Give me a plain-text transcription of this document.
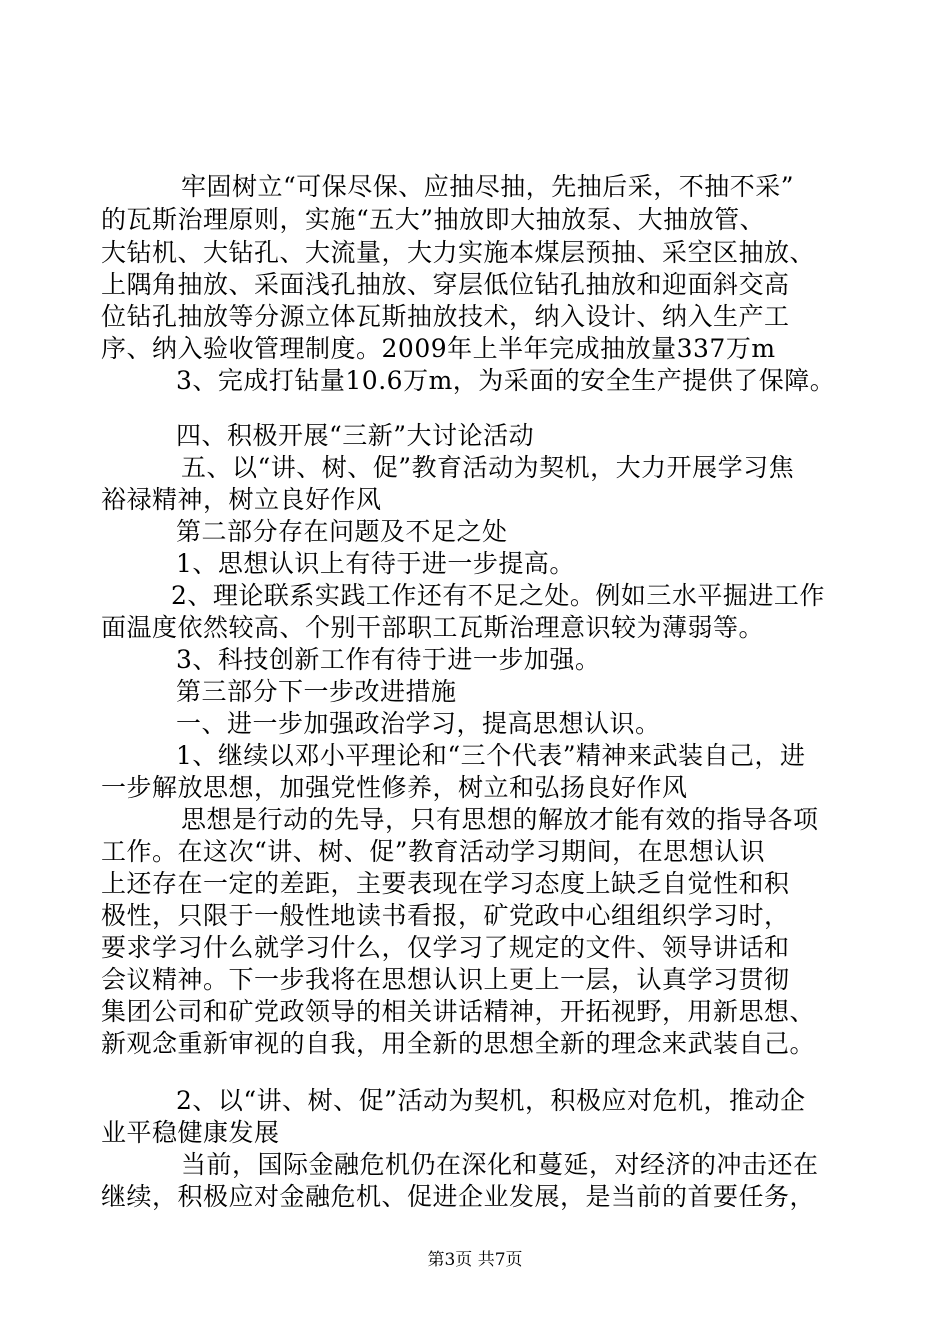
牢固树立“可保尽保、应抽尽抽，先抽后采，不抽不采”
的瓦斯治理原则，实施“五大”抽放即大抽放泵、大抽放管、
大钻机、大钻孔、大流量，大力实施本煤层预抽、采空区抽放、
上隅角抽放、采面浅孔抽放、穿层低位钻孔抽放和迎面斜交高
位钻孔抽放等分源立体瓦斯抽放技术，纳入设计、纳入生产工
序、纳入验收管理制度。2009年上半年完成抽放量337万m
3、完成打钻量10.6万m，为采面的安全生产提供了保障。
四、积极开展“三新”大讨论活动
五、以“讲、树、促”教育活动为契机，大力开展学习焦
裕禄精神，树立良好作风
第二部分存在问题及不足之处
1、思想认识上有待于进一步提高。
2、理论联系实践工作还有不足之处。例如三水平掘进工作
面温度依然较高、个别干部职工瓦斯治理意识较为薄弱等。
3、科技创新工作有待于进一步加强。
第三部分下一步改进措施
一、进一步加强政治学习，提高思想认识。
1、继续以邓小平理论和“三个代表”精神来武装自己，进
一步解放思想，加强党性修养，树立和弘扬良好作风
思想是行动的先导，只有思想的解放才能有效的指导各项
工作。在这次“讲、树、促”教育活动学习期间，在思想认识
上还存在一定的差距，主要表现在学习态度上缺乏自觉性和积
极性，只限于一般性地读书看报，矿党政中心组组织学习时，
要求学习什么就学习什么，仅学习了规定的文件、领导讲话和
会议精神。下一步我将在思想认识上更上一层，认真学习贯彻
集团公司和矿党政领导的相关讲话精神，开拓视野，用新思想、
新观念重新审视的自我，用全新的思想全新的理念来武装自己。
2、以“讲、树、促”活动为契机，积极应对危机，推动企
业平稳健康发展
当前，国际金融危机仍在深化和蔓延，对经济的冲击还在
继续，积极应对金融危机、促进企业发展，是当前的首要任务，
第3页 共7页
